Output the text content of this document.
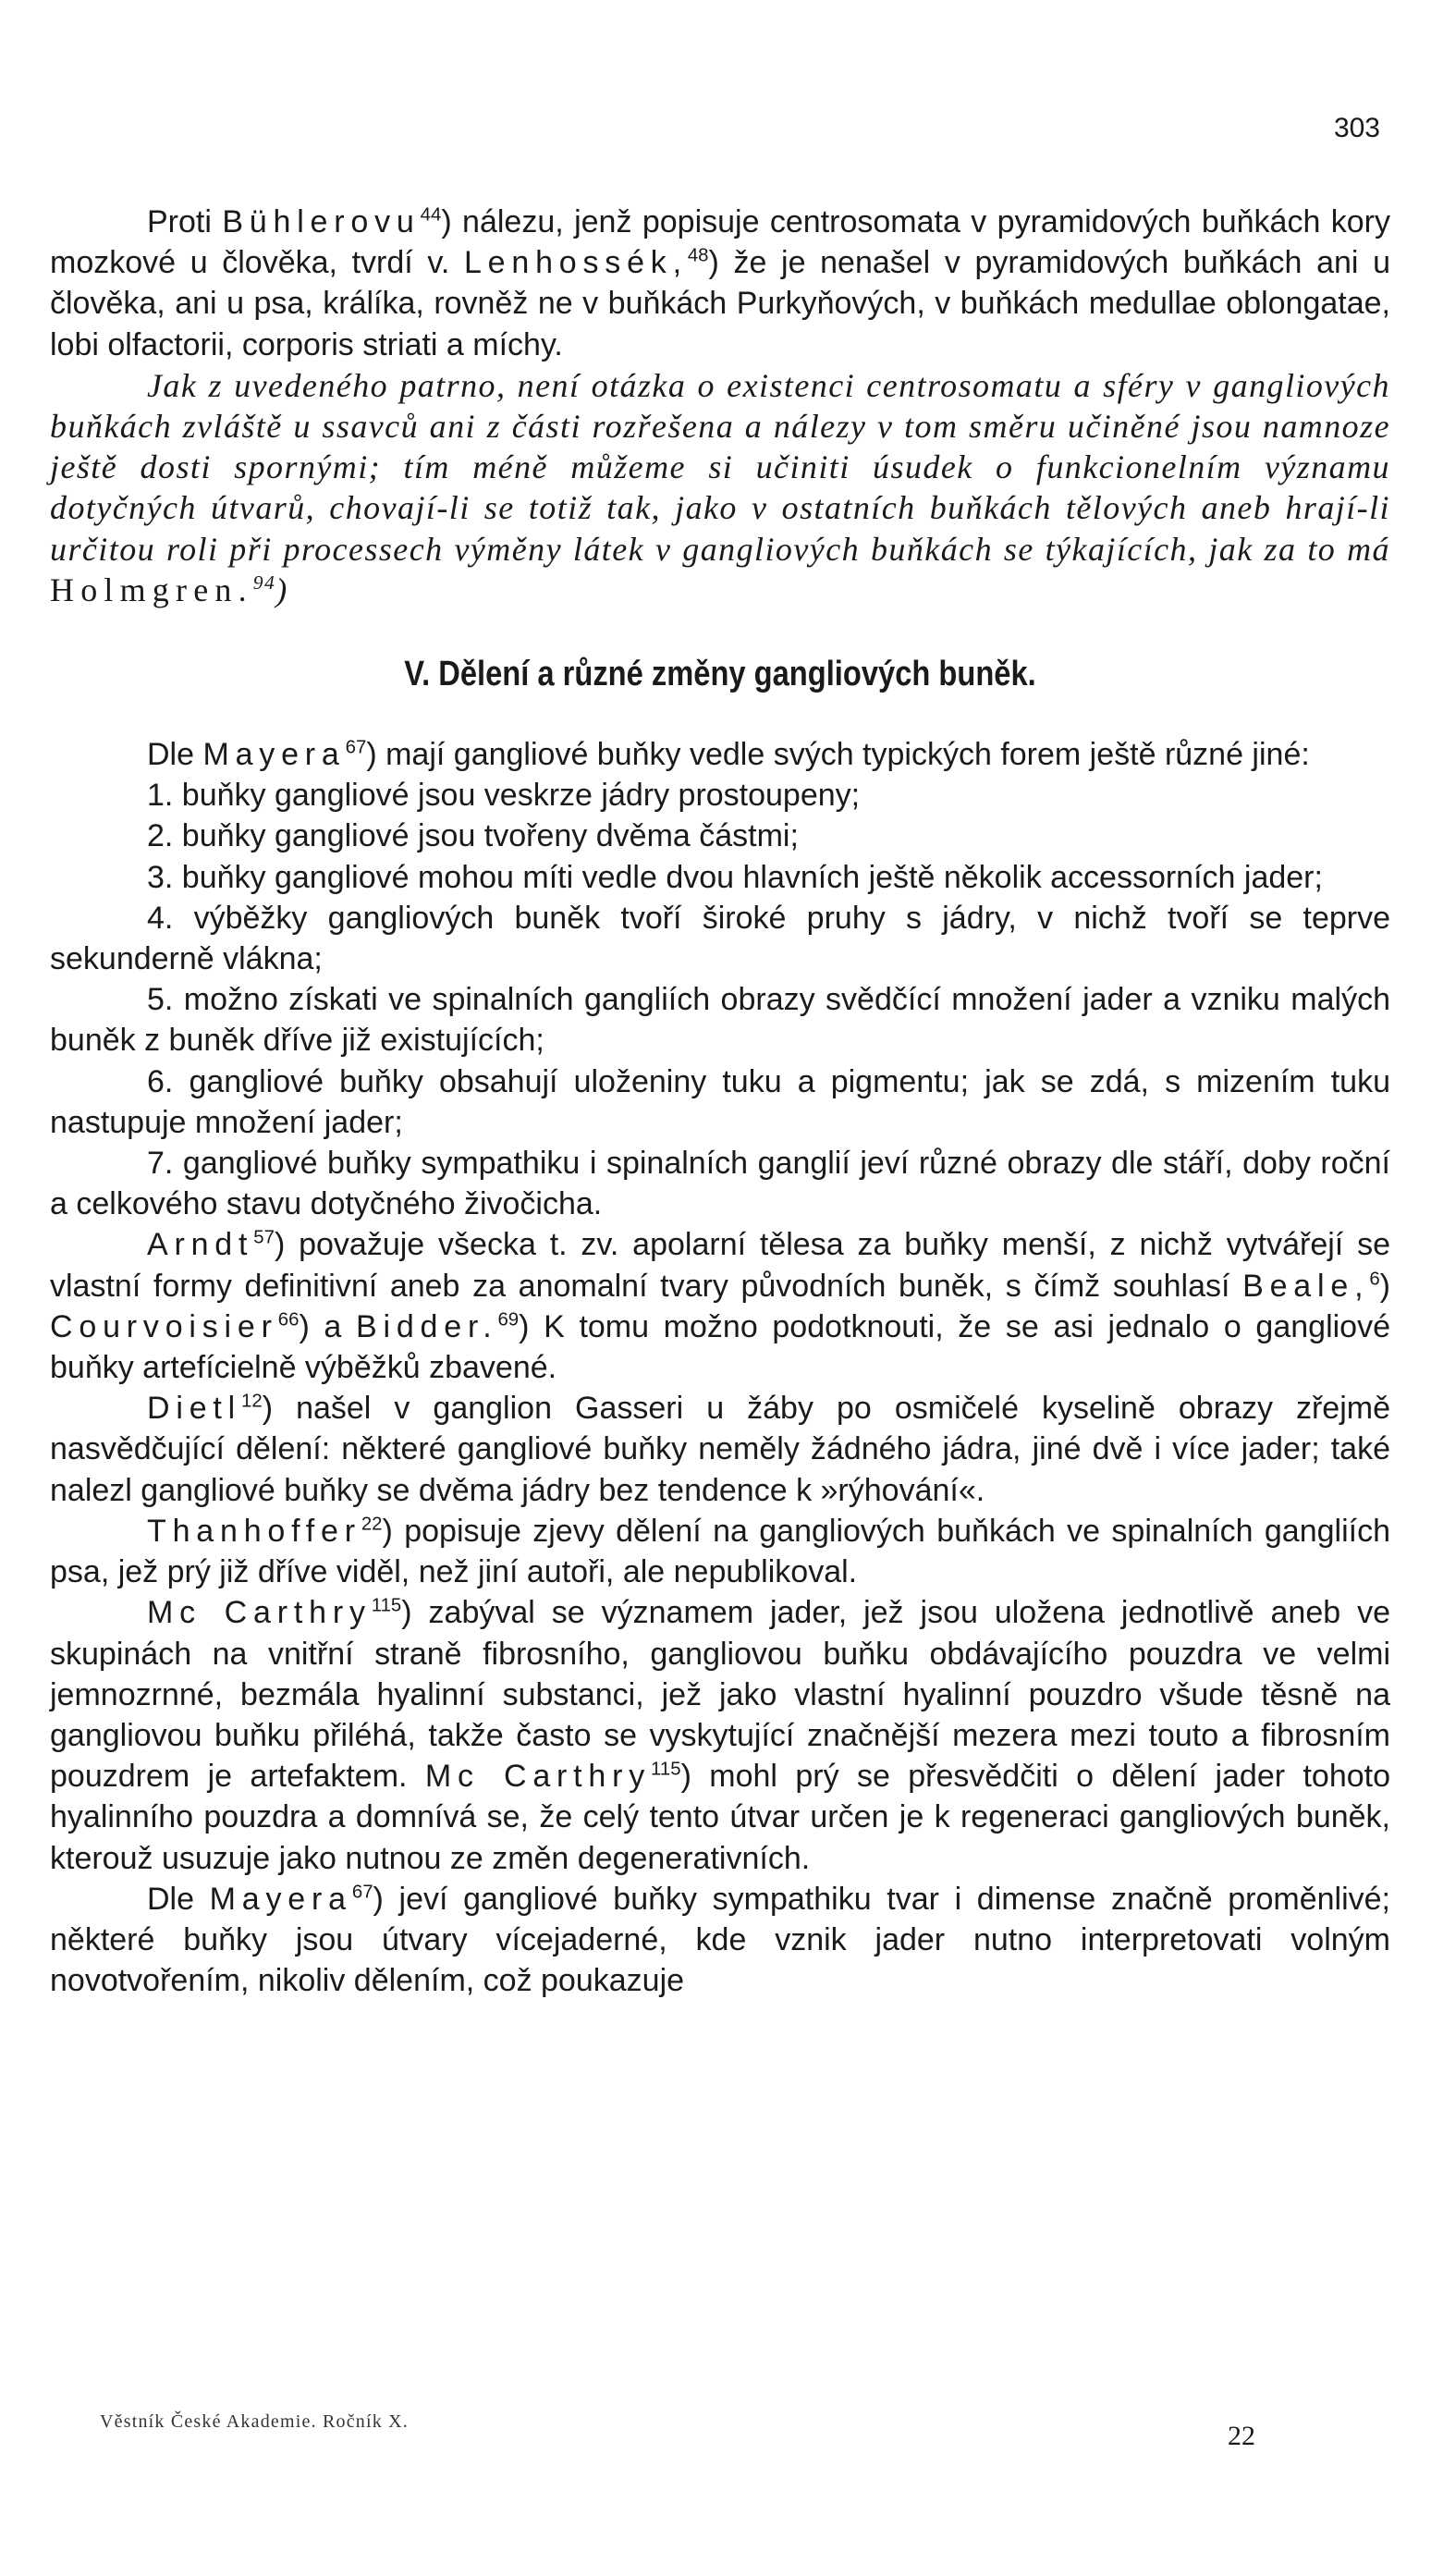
303

Proti Bühlerovu$^{44}$) nálezu, jenž popisuje centrosomata v pyramidových buňkách kory mozkové u člověka, tvrdí v. Lenhossék,$^{48}$) že je nenašel v pyramidových buňkách ani u člověka, ani u psa, králíka, rovněž ne v buňkách Purkyňových, v buňkách medullae oblongatae, lobi olfactorii, corporis striati a míchy.

Jak z uvedeného patrno, není otázka o existenci centrosomatu a sféry v gangliových buňkách zvláště u ssavců ani z části rozřešena a nálezy v tom směru učiněné jsou namnoze ještě dosti spornými; tím méně můžeme si učiniti úsudek o funkcionelním významu dotyčných útvarů, chovají-li se totiž tak, jako v ostatních buňkách tělových aneb hrají-li určitou roli při processech výměny látek v gangliových buňkách se týkajících, jak za to má Holmgren.$^{94}$)

V. Dělení a různé změny gangliových buněk.

Dle Mayera$^{67}$) mají gangliové buňky vedle svých typických forem ještě různé jiné:

1. buňky gangliové jsou veskrze jádry prostoupeny;

2. buňky gangliové jsou tvořeny dvěma částmi;

3. buňky gangliové mohou míti vedle dvou hlavních ještě několik accessorních jader;

4. výběžky gangliových buněk tvoří široké pruhy s jádry, v nichž tvoří se teprve sekunderně vlákna;

5. možno získati ve spinalních gangliích obrazy svědčící množení jader a vzniku malých buněk z buněk dříve již existujících;

6. gangliové buňky obsahují uloženiny tuku a pigmentu; jak se zdá, s mizením tuku nastupuje množení jader;

7. gangliové buňky sympathiku i spinalních ganglií jeví různé obrazy dle stáří, doby roční a celkového stavu dotyčného živočicha.

Arndt$^{57}$) považuje všecka t. zv. apolarní tělesa za buňky menší, z nichž vytvářejí se vlastní formy definitivní aneb za anomalní tvary původních buněk, s čímž souhlasí Beale,$^6$) Courvoisier$^{66}$) a Bidder.$^{69}$) K tomu možno podotknouti, že se asi jednalo o gangliové buňky artefícielně výběžků zbavené.

Dietl$^{12}$) našel v ganglion Gasseri u žáby po osmičelé kyselině obrazy zřejmě nasvědčující dělení: některé gangliové buňky neměly žádného jádra, jiné dvě i více jader; také nalezl gangliové buňky se dvěma jádry bez tendence k »rýhování«.

Thanhoffer$^{22}$) popisuje zjevy dělení na gangliových buňkách ve spinalních gangliích psa, jež prý již dříve viděl, než jiní autoři, ale nepublikoval.

Mc Carthry$^{115}$) zabýval se významem jader, jež jsou uložena jednotlivě aneb ve skupinách na vnitřní straně fibrosního, gangliovou buňku obdávajícího pouzdra ve velmi jemnozrnné, bezmála hyalinní substanci, jež jako vlastní hyalinní pouzdro všude těsně na gangliovou buňku přiléhá, takže často se vyskytující značnější mezera mezi touto a fibrosním pouzdrem je artefaktem. Mc Carthry$^{115}$) mohl prý se přesvědčiti o dělení jader tohoto hyalinního pouzdra a domnívá se, že celý tento útvar určen je k regeneraci gangliových buněk, kterouž usuzuje jako nutnou ze změn degenerativních.

Dle Mayera$^{67}$) jeví gangliové buňky sympathiku tvar i dimense značně proměnlivé; některé buňky jsou útvary vícejaderné, kde vznik jader nutno interpretovati volným novotvořením, nikoliv dělením, což poukazuje

Věstník České Akademie. Ročník X.	22
